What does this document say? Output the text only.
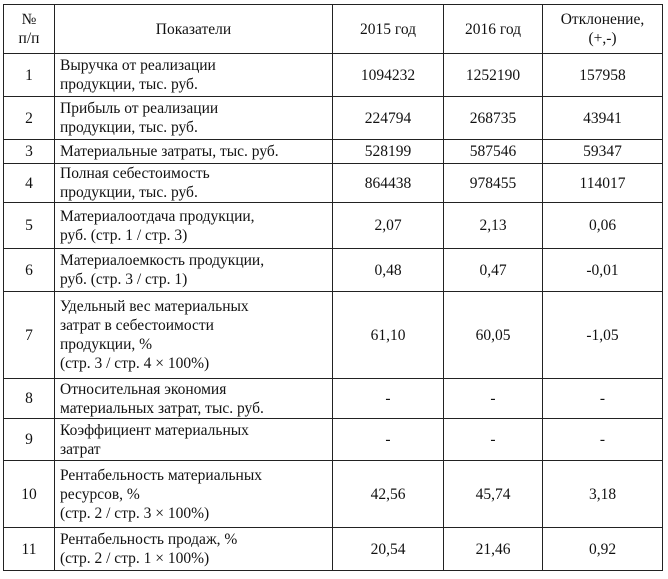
№
п/п	Показатели	2015 год	2016 год	Отклонение,
(+,-)

1	Выручка от реализации
продукции, тыс. руб.	1094232	1252190	157958
2	Прибыль от реализации
продукции, тыс. руб.	224794	268735	43941
3	Материальные затраты, тыс. руб.	528199	587546	59347
4	Полная себестоимость
продукции, тыс. руб.	864438	978455	114017
5	Материалоотдача продукции,
руб. (стр. 1 / стр. 3)	2,07	2,13	0,06
6	Материалоемкость продукции,
руб. (стр. 3 / стр. 1)	0,48	0,47	-0,01
7	Удельный вес материальных
затрат в себестоимости
продукции, %
(стр. 3 / стр. 4 × 100%)	61,10	60,05	-1,05
8	Относительная экономия
материальных затрат, тыс. руб.	-	-	-
9	Коэффициент материальных
затрат	-	-	-
10	Рентабельность материальных
ресурсов, %
(стр. 2 / стр. 3 × 100%)	42,56	45,74	3,18
11	Рентабельность продаж, %
(стр. 2 / стр. 1 × 100%)	20,54	21,46	0,92
